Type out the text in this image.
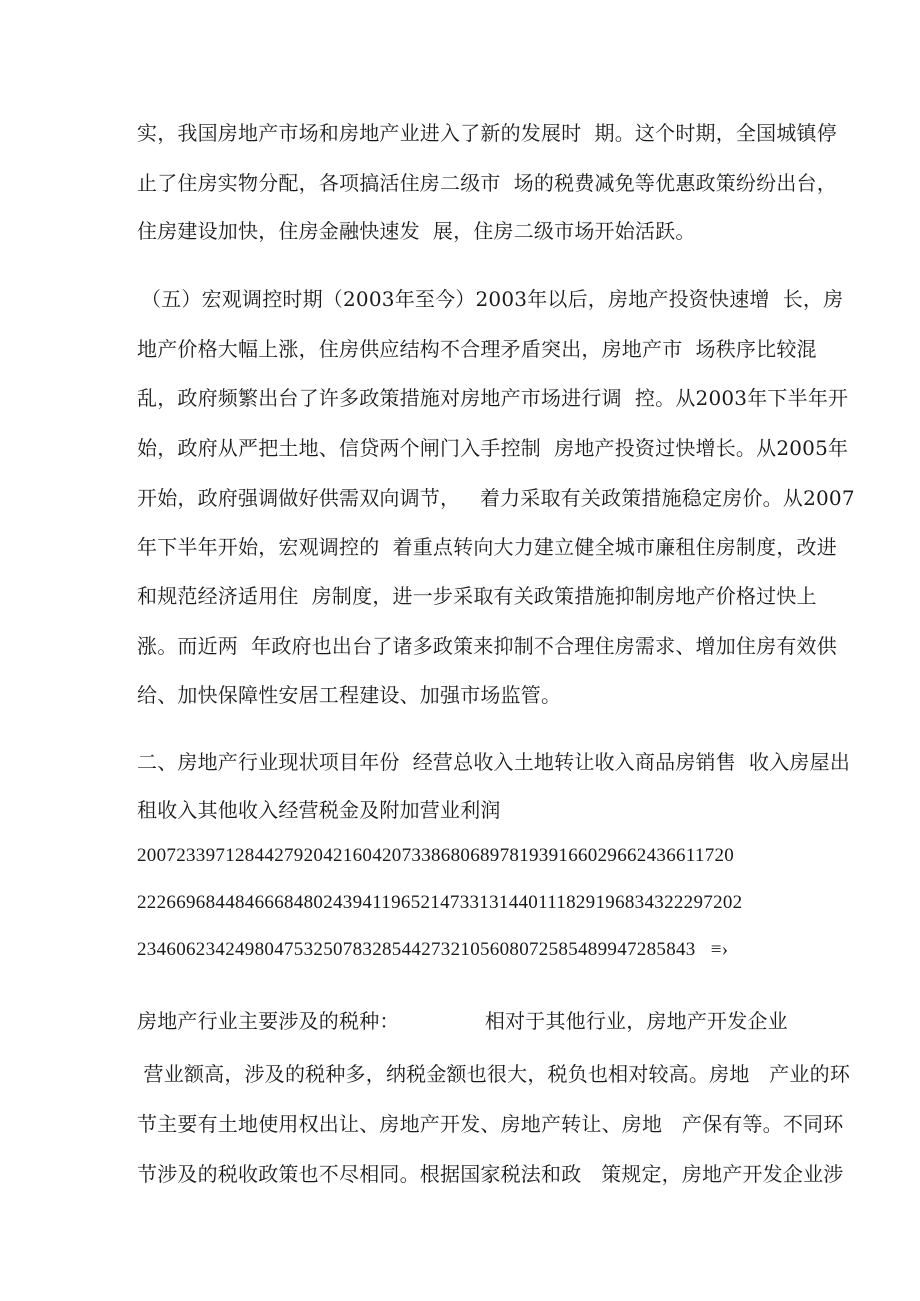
实，我国房地产市场和房地产业进入了新的发展时  期。这个时期，全国城镇停
止了住房实物分配，各项搞活住房二级市  场的税费减免等优惠政策纷纷出台，
住房建设加快，住房金融快速发  展，住房二级市场开始活跃。
（五）宏观调控时期（2003年至今）2003年以后，房地产投资快速增  长，房
地产价格大幅上涨，住房供应结构不合理矛盾突出，房地产市  场秩序比较混
乱，政府频繁出台了许多政策措施对房地产市场进行调  控。从2003年下半年开
始，政府从严把土地、信贷两个闸门入手控制  房地产投资过快增长。从2005年
开始，政府强调做好供需双向调节，   着力采取有关政策措施稳定房价。从2007
年下半年开始，宏观调控的  着重点转向大力建立健全城市廉租住房制度，改进
和规范经济适用住  房制度，进一步采取有关政策措施抑制房地产价格过快上
涨。而近两  年政府也出台了诸多政策来抑制不合理住房需求、增加住房有效供
给、加快保障性安居工程建设、加强市场监管。
二、房地产行业现状项目年份  经营总收入土地转让收入商品房销售  收入房屋出
租收入其他收入经营税金及附加营业利润
20072339712844279204216042073386806897819391660296624366117​20
2226696844846668480243941196521473313144011182919683432229​7202
2346062342498047532507832854427321056080725854899472858​43   ≡›
房地产行业主要涉及的税种：             相对于其他行业，房地产开发企业
营业额高，涉及的税种多，纳税金额也很大，税负也相对较高。房地   产业的环
节主要有土地使用权出让、房地产开发、房地产转让、房地   产保有等。不同环
节涉及的税收政策也不尽相同。根据国家税法和政   策规定，房地产开发企业涉
